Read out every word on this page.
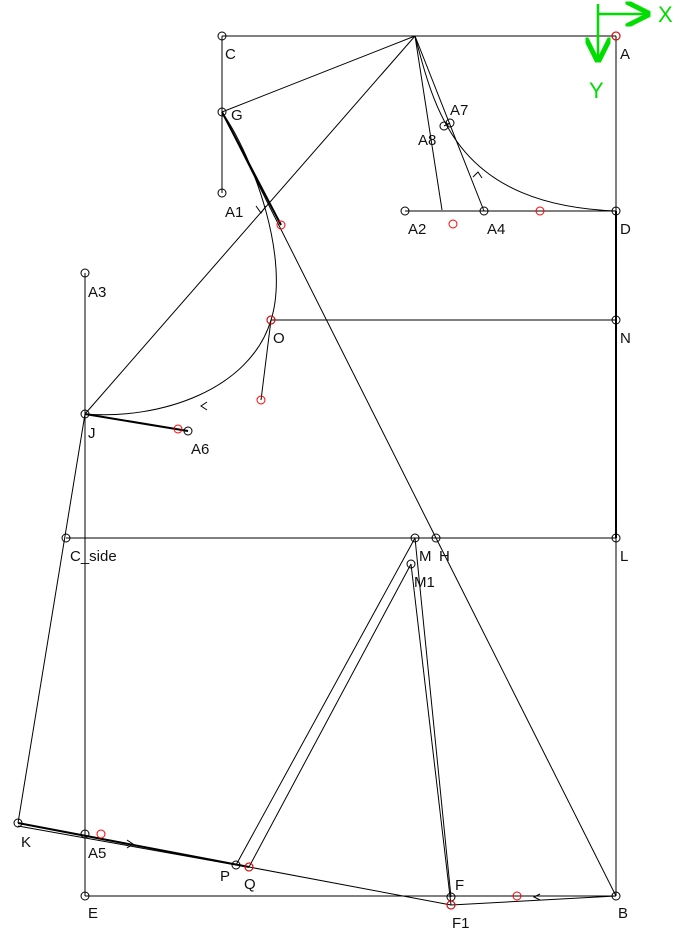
A
C
G
A1
A7
A8
A2	A4	D
A3
O	N
J
A6
C_side	M H	L
M1
K
A5
P Q
E
F
F1
B
X
Y
